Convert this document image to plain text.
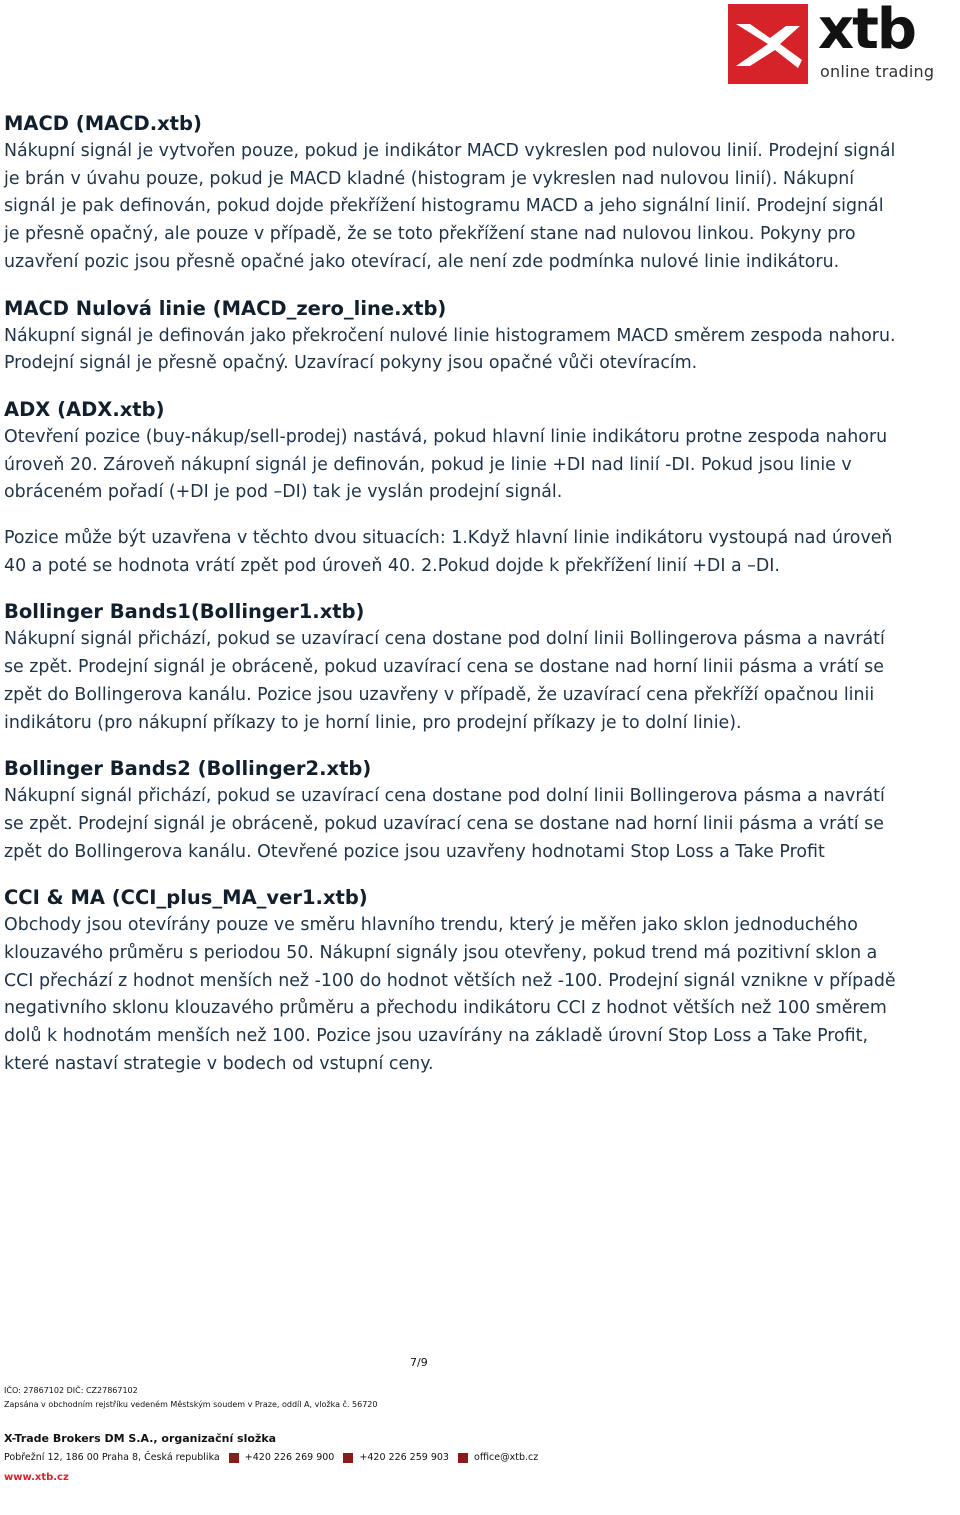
xtb
online trading
MACD (MACD.xtb)

Nákupní signál je vytvořen pouze, pokud je indikátor MACD vykreslen pod nulovou linií. Prodejní signál je brán v úvahu pouze, pokud je MACD kladné (histogram je vykreslen nad nulovou linií). Nákupní signál je pak definován, pokud dojde překřížení histogramu MACD a jeho signální linií. Prodejní signál je přesně opačný, ale pouze v případě, že se toto překřížení stane nad nulovou linkou. Pokyny pro uzavření pozic jsou přesně opačné jako otevírací, ale není zde podmínka nulové linie indikátoru.

MACD Nulová linie (MACD_zero_line.xtb)

Nákupní signál je definován jako překročení nulové linie histogramem MACD směrem zespoda nahoru. Prodejní signál je přesně opačný. Uzavírací pokyny jsou opačné vůči otevíracím.

ADX (ADX.xtb)

Otevření pozice (buy-nákup/sell-prodej) nastává, pokud hlavní linie indikátoru protne zespoda nahoru úroveň 20. Zároveň nákupní signál je definován, pokud je linie +DI nad linií -DI. Pokud jsou linie v obráceném pořadí (+DI je pod –DI) tak je vyslán prodejní signál.

Pozice může být uzavřena v těchto dvou situacích: 1.Když hlavní linie indikátoru vystoupá nad úroveň 40 a poté se hodnota vrátí zpět pod úroveň 40. 2.Pokud dojde k překřížení linií +DI a –DI.

Bollinger Bands1(Bollinger1.xtb)

Nákupní signál přichází, pokud se uzavírací cena dostane pod dolní linii Bollingerova pásma a navrátí se zpět. Prodejní signál je obráceně, pokud uzavírací cena se dostane nad horní linii pásma a vrátí se zpět do Bollingerova kanálu. Pozice jsou uzavřeny v případě, že uzavírací cena překříží opačnou linii indikátoru (pro nákupní příkazy to je horní linie, pro prodejní příkazy je to dolní linie).

Bollinger Bands2 (Bollinger2.xtb)

Nákupní signál přichází, pokud se uzavírací cena dostane pod dolní linii Bollingerova pásma a navrátí se zpět. Prodejní signál je obráceně, pokud uzavírací cena se dostane nad horní linii pásma a vrátí se zpět do Bollingerova kanálu. Otevřené pozice jsou uzavřeny hodnotami Stop Loss a Take Profit

CCI & MA (CCI_plus_MA_ver1.xtb)

Obchody jsou otevírány pouze ve směru hlavního trendu, který je měřen jako sklon jednoduchého klouzavého průměru s periodou 50. Nákupní signály jsou otevřeny, pokud trend má pozitivní sklon a CCI přechází z hodnot menších než -100 do hodnot větších než -100. Prodejní signál vznikne v případě negativního sklonu klouzavého průměru a přechodu indikátoru CCI z hodnot větších než 100 směrem dolů k hodnotám menších než 100. Pozice jsou uzavírány na základě úrovní Stop Loss a Take Profit, které nastaví strategie v bodech od vstupní ceny.

7/9
IČO: 27867102 DIČ: CZ27867102
Zapsána v obchodním rejstříku vedeném Městským soudem v Praze, oddíl A, vložka č. 56720
X-Trade Brokers DM S.A., organizační složka
Pobřežní 12, 186 00 Praha 8, Česká republika	+420 226 269 900	+420 226 259 903	office@xtb.cz
www.xtb.cz
